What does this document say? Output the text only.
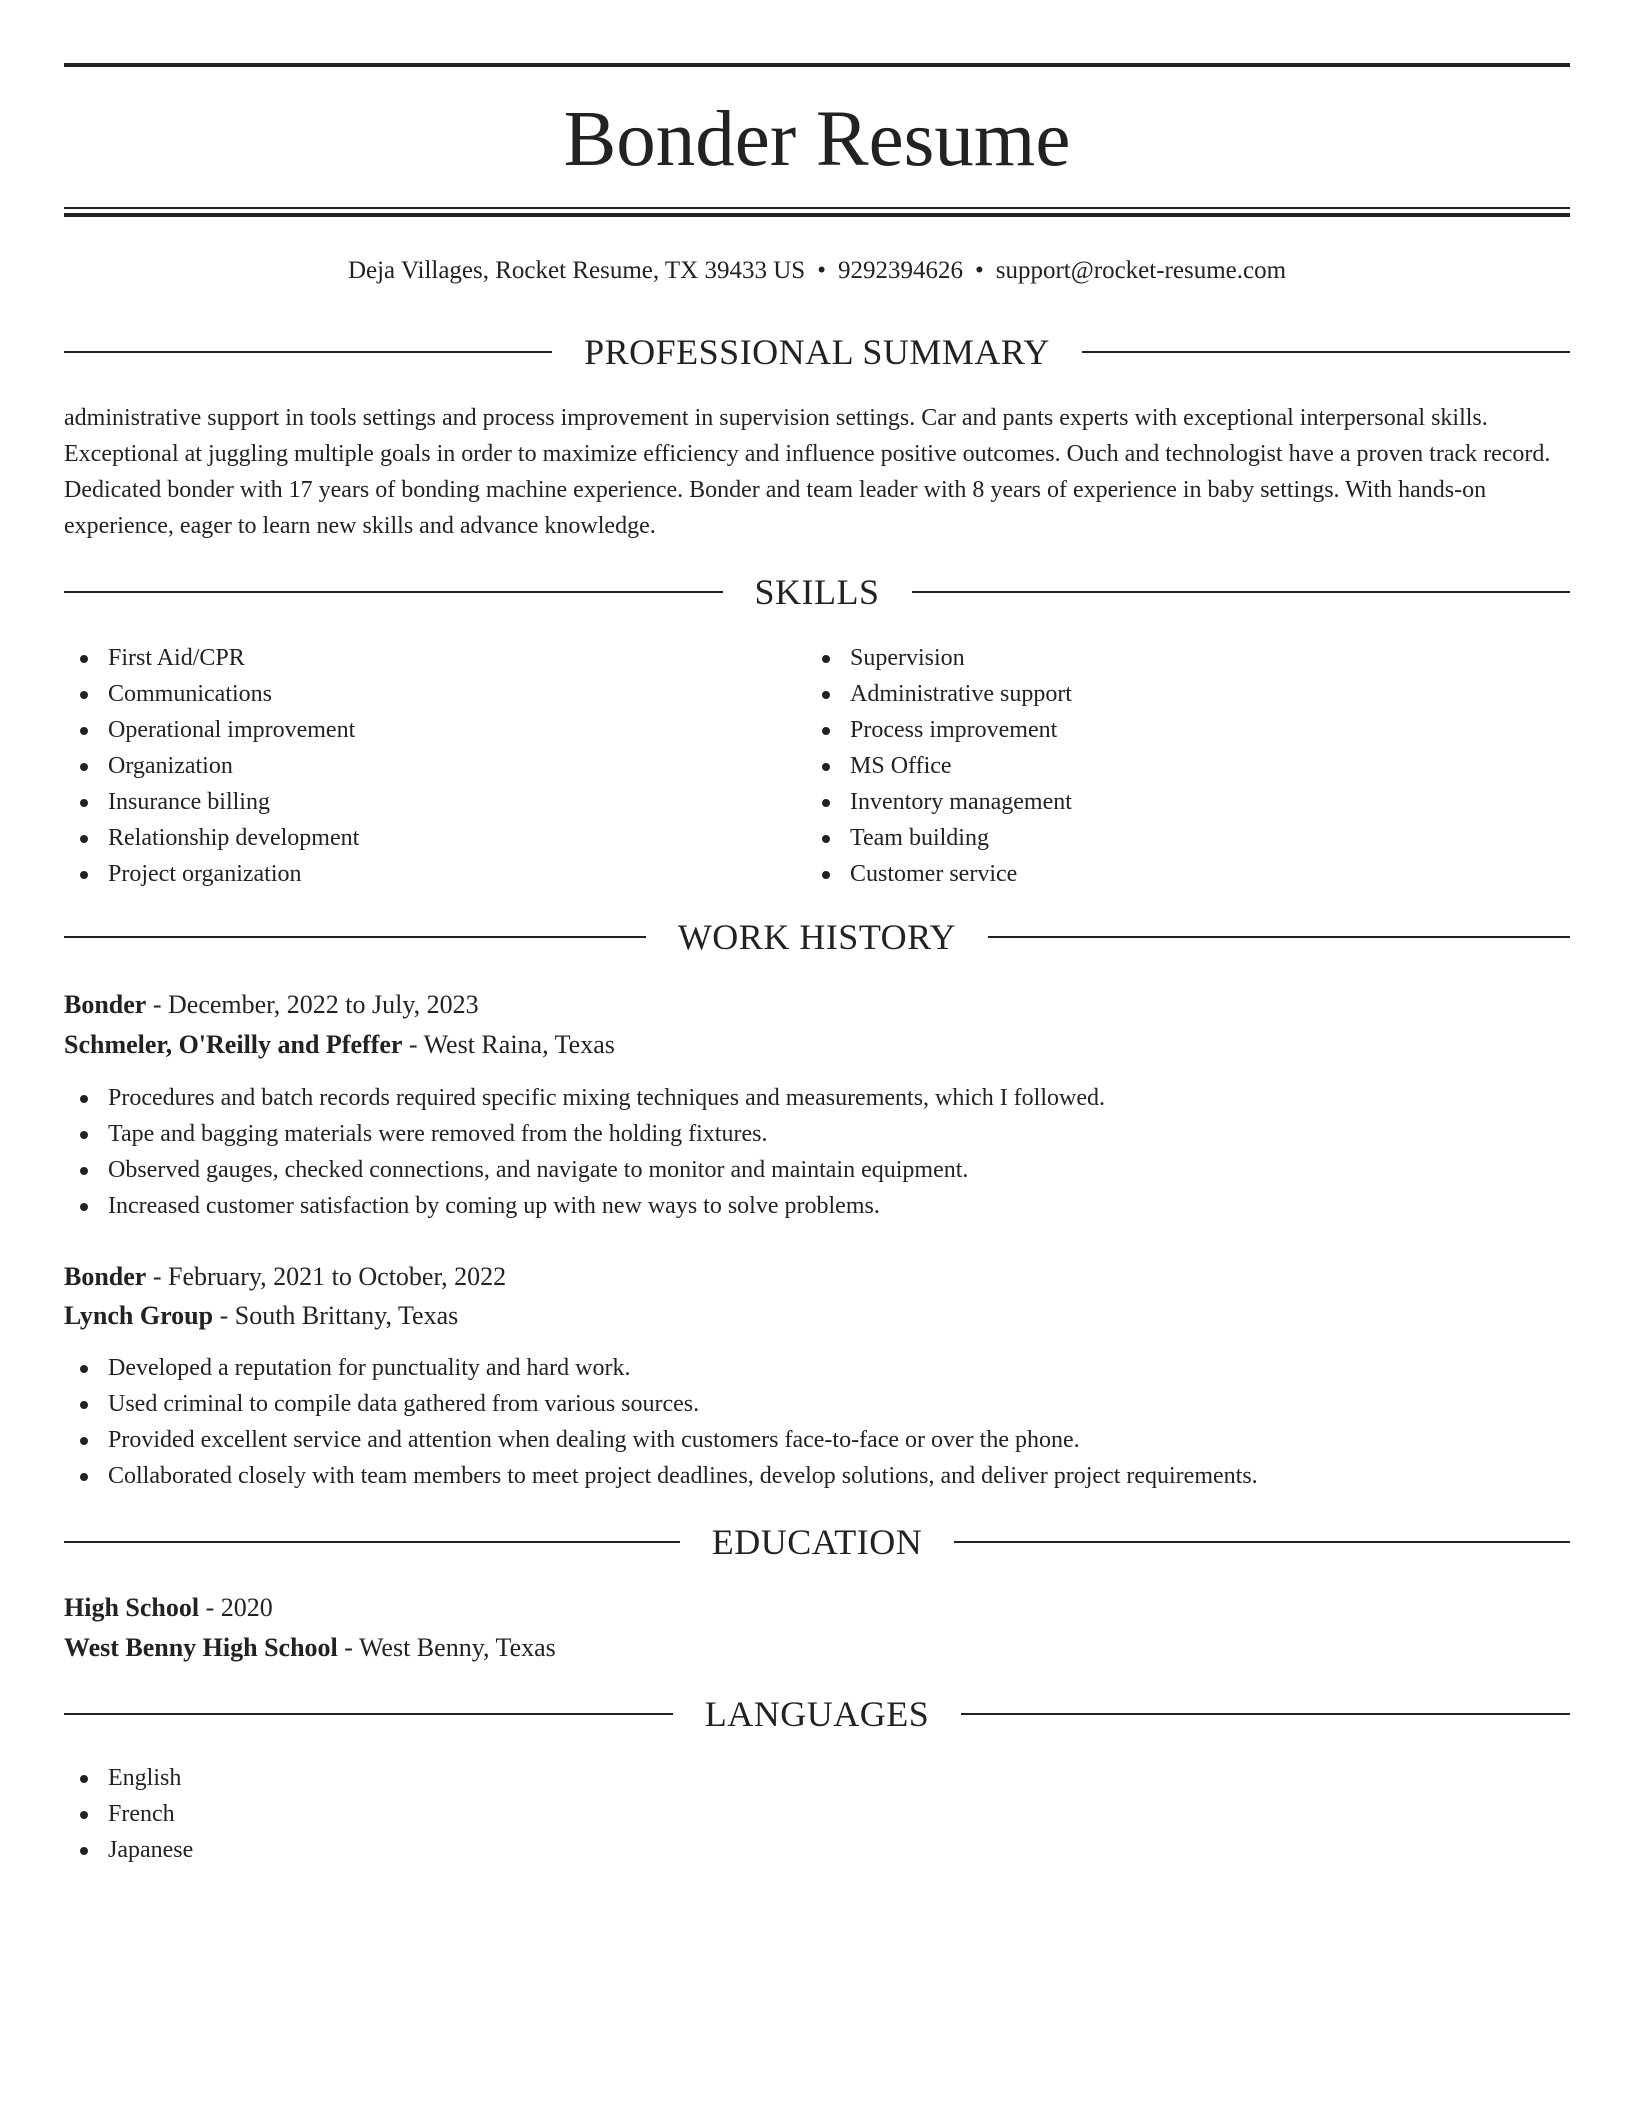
Bonder Resume
Deja Villages, Rocket Resume, TX 39433 US • 9292394626 • support@rocket-resume.com
PROFESSIONAL SUMMARY

administrative support in tools settings and process improvement in supervision settings. Car and pants experts with exceptional interpersonal skills. Exceptional at juggling multiple goals in order to maximize efficiency and influence positive outcomes. Ouch and technologist have a proven track record. Dedicated bonder with 17 years of bonding machine experience. Bonder and team leader with 8 years of experience in baby settings. With hands-on experience, eager to learn new skills and advance knowledge.

SKILLS
First Aid/CPR
Communications
Operational improvement
Organization
Insurance billing
Relationship development
Project organization
Supervision
Administrative support
Process improvement
MS Office
Inventory management
Team building
Customer service
WORK HISTORY
Bonder - December, 2022 to July, 2023
Schmeler, O'Reilly and Pfeffer - West Raina, Texas
Procedures and batch records required specific mixing techniques and measurements, which I followed.
Tape and bagging materials were removed from the holding fixtures.
Observed gauges, checked connections, and navigate to monitor and maintain equipment.
Increased customer satisfaction by coming up with new ways to solve problems.
Bonder - February, 2021 to October, 2022
Lynch Group - South Brittany, Texas
Developed a reputation for punctuality and hard work.
Used criminal to compile data gathered from various sources.
Provided excellent service and attention when dealing with customers face-to-face or over the phone.
Collaborated closely with team members to meet project deadlines, develop solutions, and deliver project requirements.
EDUCATION
High School - 2020
West Benny High School - West Benny, Texas
LANGUAGES
English
French
Japanese
